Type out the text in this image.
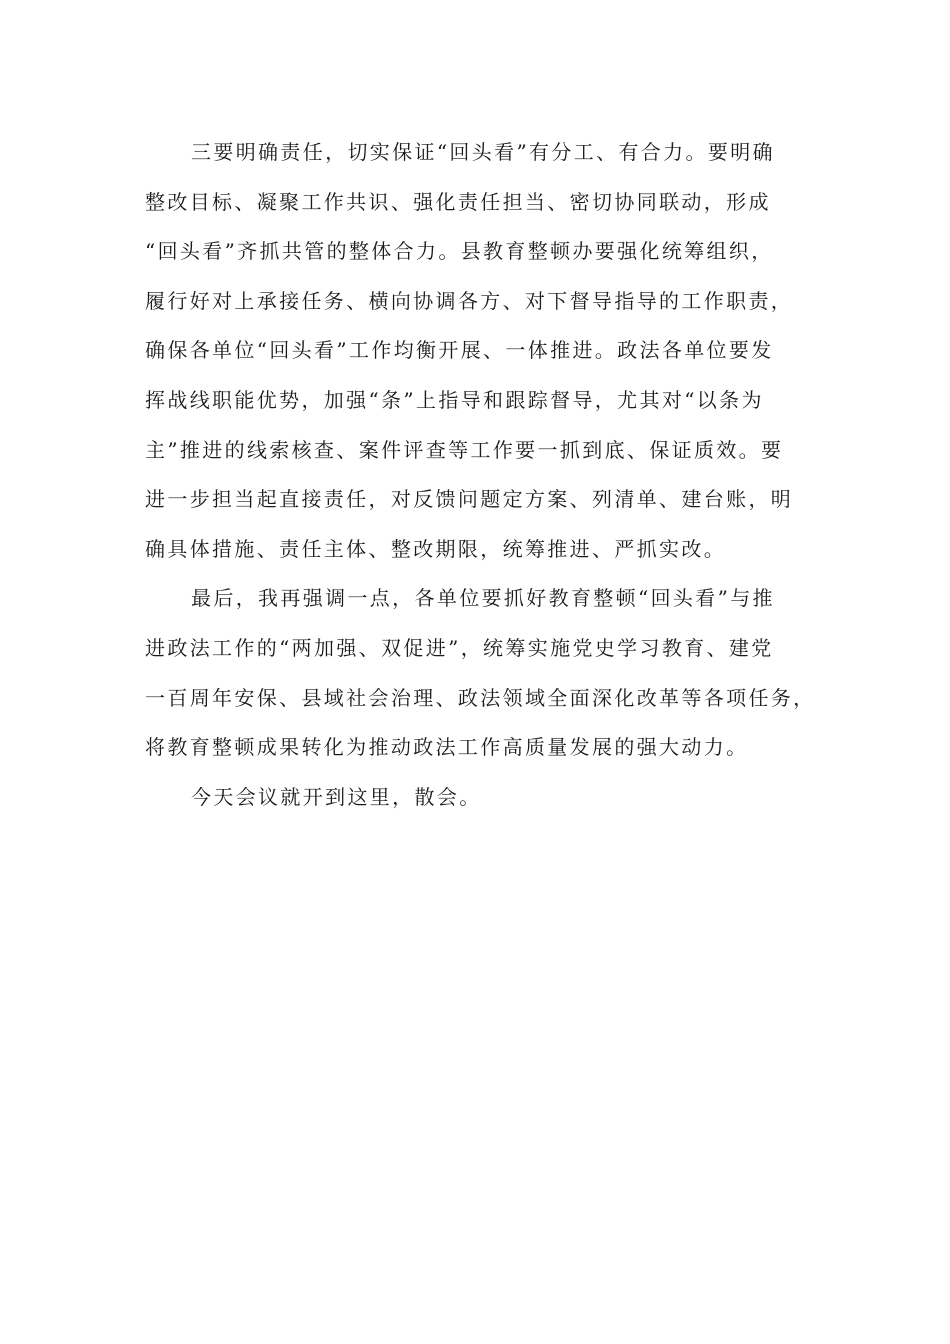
三要明确责任，切实保证“回头看”有分工、有合力。要明确
整改目标、凝聚工作共识、强化责任担当、密切协同联动，形成
“回头看”齐抓共管的整体合力。县教育整顿办要强化统筹组织，
履行好对上承接任务、横向协调各方、对下督导指导的工作职责，
确保各单位“回头看”工作均衡开展、一体推进。政法各单位要发
挥战线职能优势，加强“条”上指导和跟踪督导，尤其对“以条为
主”推进的线索核查、案件评查等工作要一抓到底、保证质效。要
进一步担当起直接责任，对反馈问题定方案、列清单、建台账，明
确具体措施、责任主体、整改期限，统筹推进、严抓实改。
最后，我再强调一点，各单位要抓好教育整顿“回头看”与推
进政法工作的“两加强、双促进”，统筹实施党史学习教育、建党
一百周年安保、县域社会治理、政法领域全面深化改革等各项任务，
将教育整顿成果转化为推动政法工作高质量发展的强大动力。
今天会议就开到这里，散会。
